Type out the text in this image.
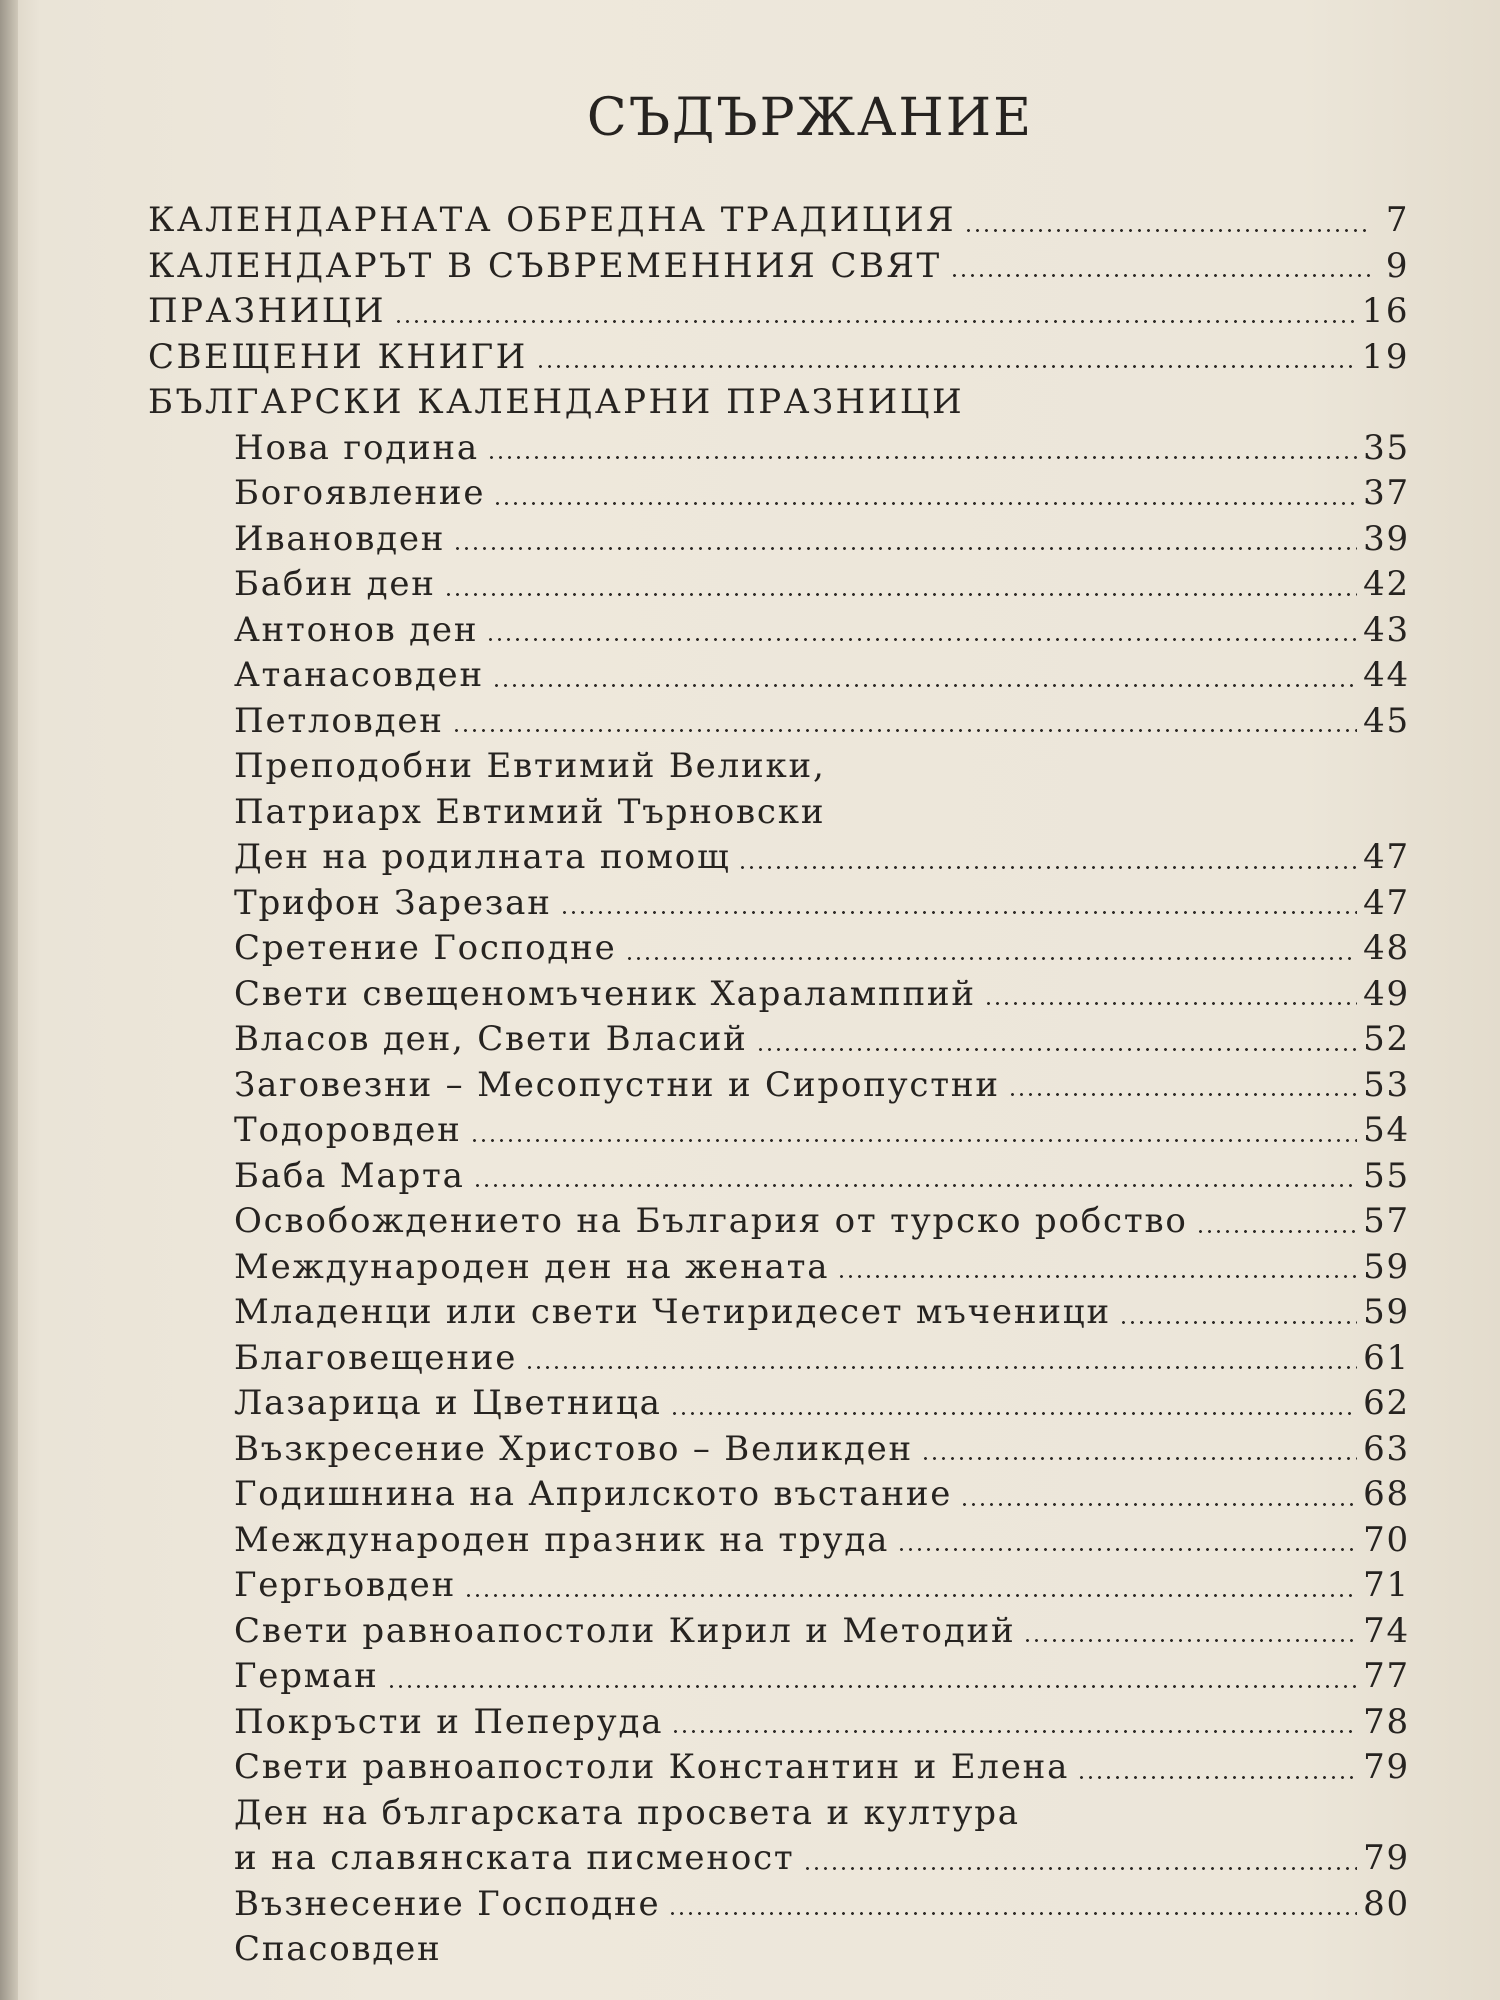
СЪДЪРЖАНИЕ
КАЛЕНДАРНАТА ОБРЕДНА ТРАДИЦИЯ	7
КАЛЕНДАРЪТ В СЪВРЕМЕННИЯ СВЯТ	9
ПРАЗНИЦИ	16
СВЕЩЕНИ КНИГИ	19
БЪЛГАРСКИ КАЛЕНДАРНИ ПРАЗНИЦИ
Нова година	35
Богоявление	37
Ивановден	39
Бабин ден	42
Антонов ден	43
Атанасовден	44
Петловден	45
Преподобни Евтимий Велики,
Патриарх Евтимий Търновски
Ден на родилната помощ	47
Трифон Зарезан	47
Сретение Господне	48
Свети свещеномъченик Хараламппий	49
Власов ден, Свети Власий	52
Заговезни – Месопустни и Сиропустни	53
Тодоровден	54
Баба Марта	55
Освобождението на България от турско робство	57
Международен ден на жената	59
Младенци или свети Четиридесет мъченици	59
Благовещение	61
Лазарица и Цветница	62
Възкресение Христово – Великден	63
Годишнина на Априлското въстание	68
Международен празник на труда	70
Гергьовден	71
Свети равноапостоли Кирил и Методий	74
Герман	77
Покръсти и Пеперуда	78
Свети равноапостоли Константин и Елена	79
Ден на българската просвета и култура
и на славянската писменост	79
Възнесение Господне	80
Спасовден
